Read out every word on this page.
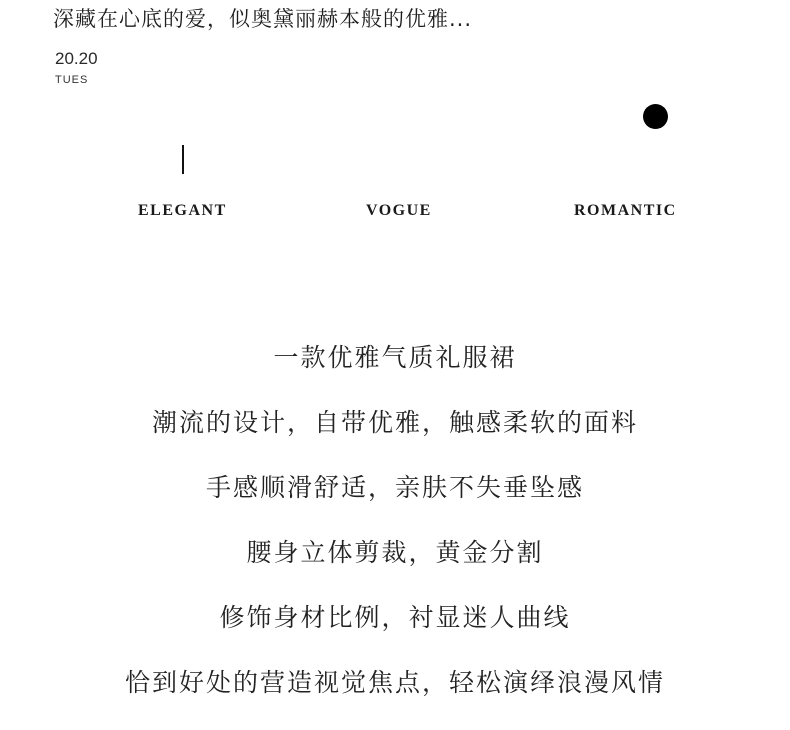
深藏在心底的爱，似奥黛丽赫本般的优雅...
20.20
TUES
ELEGANT	VOGUE	ROMANTIC
一款优雅气质礼服裙
潮流的设计，自带优雅，触感柔软的面料
手感顺滑舒适，亲肤不失垂坠感
腰身立体剪裁，黄金分割
修饰身材比例，衬显迷人曲线
恰到好处的营造视觉焦点，轻松演绎浪漫风情
